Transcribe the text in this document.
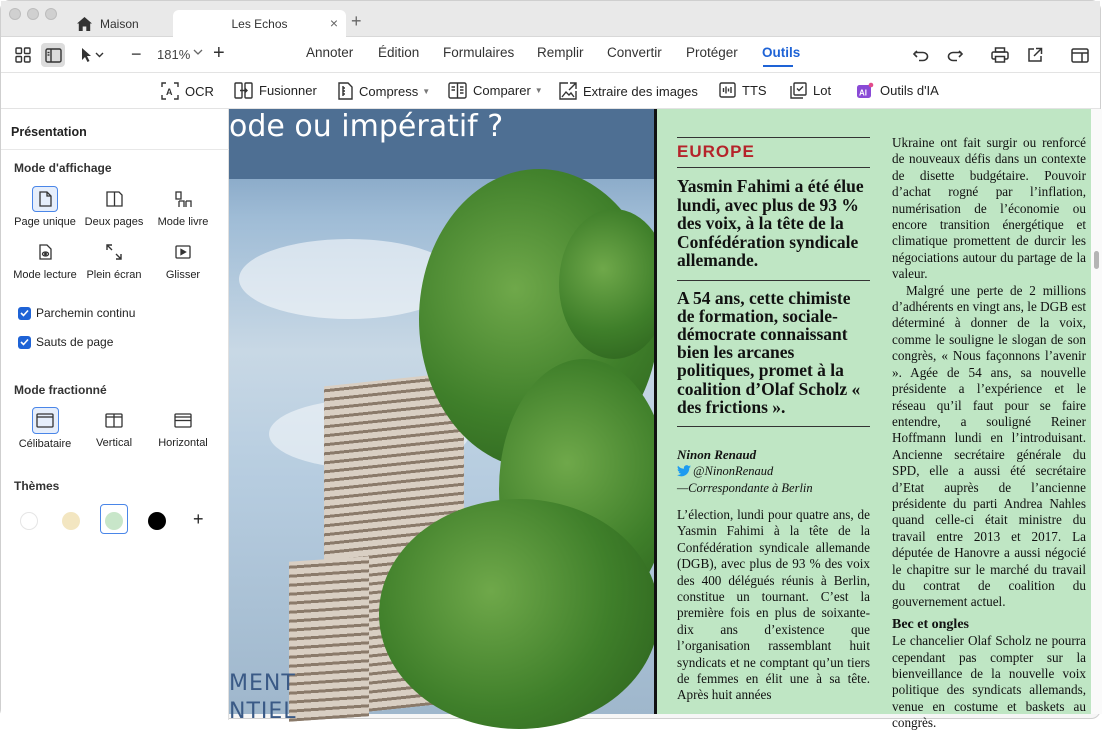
Maison	Les Echos	× +
− 181% +	Annoter Édition Formulaires Remplir Convertir Protéger Outils
A OCR	Fusionner	Compress ▼	Comparer ▼	Extraire des images	TTS	Lot	AI Outils d'IA
Présentation
Mode d'affichage
Page unique Deux pages	Mode livre
Mode lecture Plein écran	Glisser
Parchemin continu
Sauts de page
Mode fractionné
Célibataire	Vertical	Horizontal
Thèmes
+
ode ou impératif ?
MENT
NTIEL
EUROPE
Yasmin Fahimi a été élue lundi, avec plus de 93 % des voix, à la tête de la Confédération syndicale allemande.
A 54 ans, cette chimiste de formation, sociale-démocrate connaissant bien les arcanes politiques, promet à la coalition d’Olaf Scholz « des frictions ».
Ninon Renaud
@NinonRenaud
—Correspondante à Berlin
L’élection, lundi pour quatre ans, de Yasmin Fahimi à la tête de la Confédération syndicale allemande (DGB), avec plus de 93 % des voix des 400 délégués réunis à Berlin, constitue un tournant. C’est la première fois en plus de soixante-dix ans d’existence que l’organisation rassemblant huit syndicats et ne comptant qu’un tiers de femmes en élit une à sa tête. Après huit années
Ukraine ont fait surgir ou renforcé de nouveaux défis dans un contexte de disette budgétaire. Pouvoir d’achat rogné par l’inflation, numérisation de l’économie ou encore transition énergétique et climatique promettent de durcir les négociations autour du partage de la valeur.
Malgré une perte de 2 millions d’adhérents en vingt ans, le DGB est déterminé à donner de la voix, comme le souligne le slogan de son congrès, « Nous façonnons l’avenir ». Agée de 54 ans, sa nouvelle présidente a l’expérience et le réseau qu’il faut pour se faire entendre, a souligné Reiner Hoffmann lundi en l’introduisant. Ancienne secrétaire générale du SPD, elle a aussi été secrétaire d’Etat auprès de l’ancienne présidente du parti Andrea Nahles quand celle-ci était ministre du travail entre 2013 et 2017. La députée de Hanovre a aussi négocié le chapitre sur le marché du travail du contrat de coalition du gouvernement actuel.
Bec et ongles
Le chancelier Olaf Scholz ne pourra cependant pas compter sur la bienveillance de la nouvelle voix politique des syndicats allemands, venue en costume et baskets au congrès.
